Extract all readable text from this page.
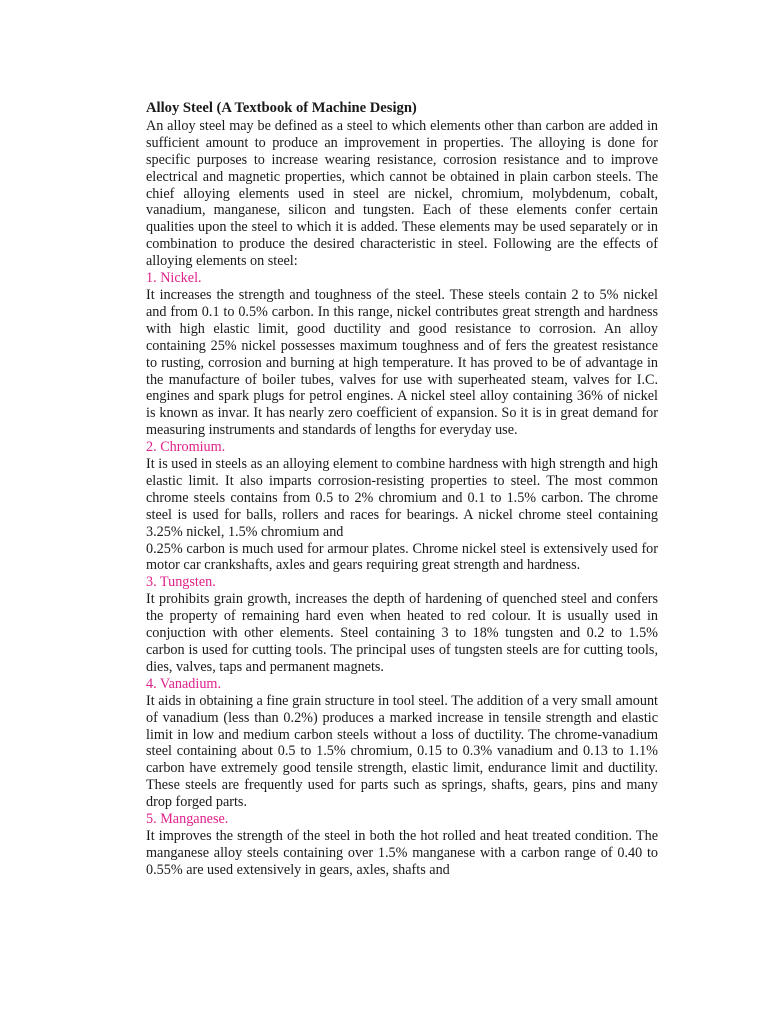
Alloy Steel (A Textbook of Machine Design)

An alloy steel may be defined as a steel to which elements other than carbon are added in sufficient amount to produce an improvement in properties. The alloying is done for specific purposes to increase wearing resistance, corrosion resistance and to improve electrical and magnetic properties, which cannot be obtained in plain carbon steels. The chief alloying elements used in steel are nickel, chromium, molybdenum, cobalt, vanadium, manganese, silicon and tungsten. Each of these elements confer certain qualities upon the steel to which it is added. These elements may be used separately or in combination to produce the desired characteristic in steel. Following are the effects of alloying elements on steel:

1. Nickel.

It increases the strength and toughness of the steel. These steels contain 2 to 5% nickel and from 0.1 to 0.5% carbon. In this range, nickel contributes great strength and hardness with high elastic limit, good ductility and good resistance to corrosion. An alloy containing 25% nickel possesses maximum toughness and of fers the greatest resistance to rusting, corrosion and burning at high temperature. It has proved to be of advantage in the manufacture of boiler tubes, valves for use with superheated steam, valves for I.C. engines and spark plugs for petrol engines. A nickel steel alloy containing 36% of nickel is known as invar. It has nearly zero coefficient of expansion. So it is in great demand for measuring instruments and standards of lengths for everyday use.

2. Chromium.

It is used in steels as an alloying element to combine hardness with high strength and high elastic limit. It also imparts corrosion-resisting properties to steel. The most common chrome steels contains from 0.5 to 2% chromium and 0.1 to 1.5% carbon. The chrome steel is used for balls, rollers and races for bearings. A nickel chrome steel containing 3.25% nickel, 1.5% chromium and

0.25% carbon is much used for armour plates. Chrome nickel steel is extensively used for motor car crankshafts, axles and gears requiring great strength and hardness.

3. Tungsten.

It prohibits grain growth, increases the depth of hardening of quenched steel and confers the property of remaining hard even when heated to red colour. It is usually used in conjuction with other elements. Steel containing 3 to 18% tungsten and 0.2 to 1.5% carbon is used for cutting tools. The principal uses of tungsten steels are for cutting tools, dies, valves, taps and permanent magnets.

4. Vanadium.

It aids in obtaining a fine grain structure in tool steel. The addition of a very small amount of vanadium (less than 0.2%) produces a marked increase in tensile strength and elastic limit in low and medium carbon steels without a loss of ductility. The chrome-vanadium steel containing about 0.5 to 1.5% chromium, 0.15 to 0.3% vanadium and 0.13 to 1.1% carbon have extremely good tensile strength, elastic limit, endurance limit and ductility. These steels are frequently used for parts such as springs, shafts, gears, pins and many drop forged parts.

5. Manganese.

It improves the strength of the steel in both the hot rolled and heat treated condition. The manganese alloy steels containing over 1.5% manganese with a carbon range of 0.40 to 0.55% are used extensively in gears, axles, shafts and
